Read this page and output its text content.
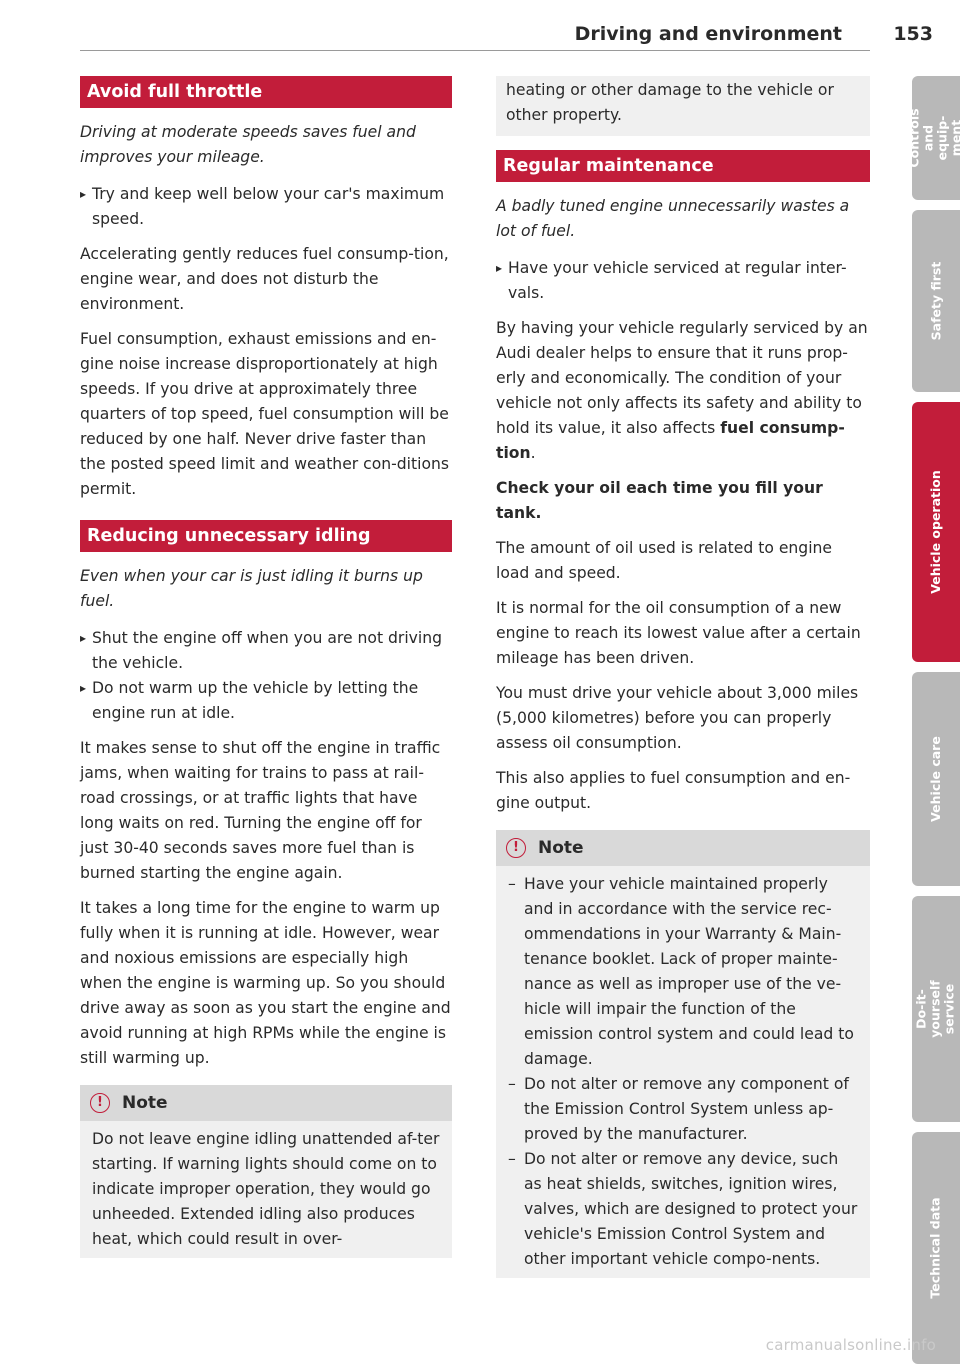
Driving and environment	153
Avoid full throttle

Driving at moderate speeds saves fuel and improves your mileage.

▸ Try and keep well below your car's maximum speed.

Accelerating gently reduces fuel consump-tion, engine wear, and does not disturb the environment.

Fuel consumption, exhaust emissions and en-gine noise increase disproportionately at high speeds. If you drive at approximately three quarters of top speed, fuel consumption will be reduced by one half. Never drive faster than the posted speed limit and weather con-ditions permit.

Reducing unnecessary idling

Even when your car is just idling it burns up fuel.

▸ Shut the engine off when you are not driving the vehicle.
▸ Do not warm up the vehicle by letting the engine run at idle.

It makes sense to shut off the engine in traffic jams, when waiting for trains to pass at rail-road crossings, or at traffic lights that have long waits on red. Turning the engine off for just 30-40 seconds saves more fuel than is burned starting the engine again.

It takes a long time for the engine to warm up fully when it is running at idle. However, wear and noxious emissions are especially high when the engine is warming up. So you should drive away as soon as you start the engine and avoid running at high RPMs while the engine is still warming up.

!	Note
Do not leave engine idling unattended af-ter starting. If warning lights should come on to indicate improper operation, they would go unheeded. Extended idling also produces heat, which could result in over-
heating or other damage to the vehicle or other property.
Regular maintenance

A badly tuned engine unnecessarily wastes a lot of fuel.

▸ Have your vehicle serviced at regular inter-vals.

By having your vehicle regularly serviced by an Audi dealer helps to ensure that it runs prop-erly and economically. The condition of your vehicle not only affects its safety and ability to hold its value, it also affects fuel consump-tion.

Check your oil each time you fill your tank.

The amount of oil used is related to engine load and speed.

It is normal for the oil consumption of a new engine to reach its lowest value after a certain mileage has been driven.

You must drive your vehicle about 3,000 miles (5,000 kilometres) before you can properly assess oil consumption.

This also applies to fuel consumption and en-gine output.

!	Note
– Have your vehicle maintained properly and in accordance with the service rec-ommendations in your Warranty & Main-tenance booklet. Lack of proper mainte-nance as well as improper use of the ve-hicle will impair the function of the emission control system and could lead to damage.
– Do not alter or remove any component of the Emission Control System unless ap-proved by the manufacturer.
– Do not alter or remove any device, such as heat shields, switches, ignition wires, valves, which are designed to protect your vehicle's Emission Control System and other important vehicle compo-nents.
Controls and equip-ment
Safety first
Vehicle operation
Vehicle care
Do-it-yourself service
Technical data
carmanualsonline.info
